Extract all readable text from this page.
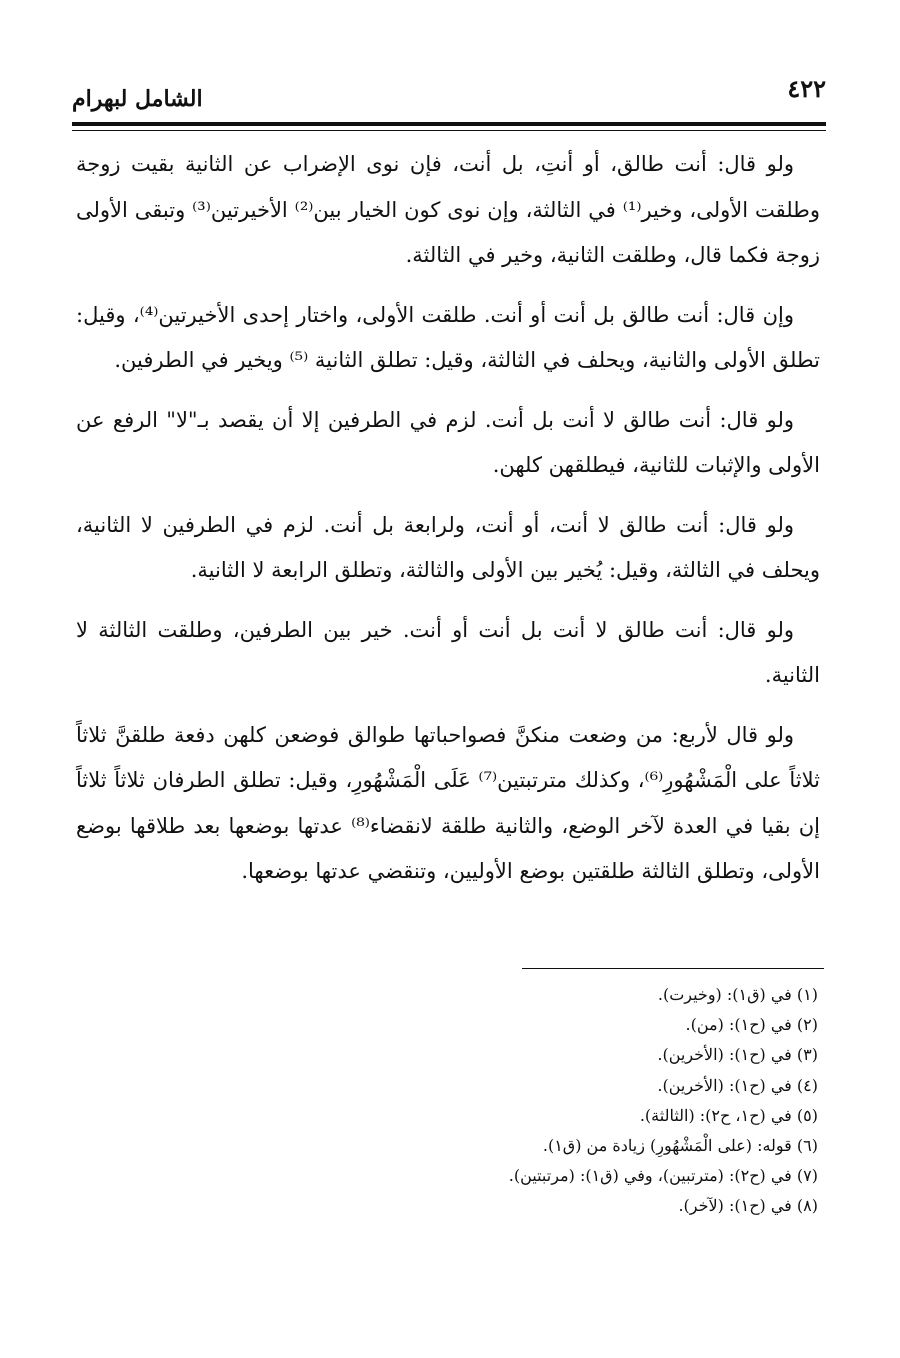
٤٢٢
الشامل لبهرام

ولو قال: أنت طالق، أو أنتِ، بل أنت، فإن نوى الإضراب عن الثانية بقيت زوجة وطلقت الأولى، وخير⁽¹⁾ في الثالثة، وإن نوى كون الخيار بين⁽²⁾ الأخيرتين⁽³⁾ وتبقى الأولى زوجة فكما قال، وطلقت الثانية، وخير في الثالثة.

وإن قال: أنت طالق بل أنت أو أنت. طلقت الأولى، واختار إحدى الأخيرتين⁽⁴⁾، وقيل: تطلق الأولى والثانية، ويحلف في الثالثة، وقيل: تطلق الثانية ⁽⁵⁾ ويخير في الطرفين.

ولو قال: أنت طالق لا أنت بل أنت. لزم في الطرفين إلا أن يقصد بـ"لا" الرفع عن الأولى والإثبات للثانية، فيطلقهن كلهن.

ولو قال: أنت طالق لا أنت، أو أنت، ولرابعة بل أنت. لزم في الطرفين لا الثانية، ويحلف في الثالثة، وقيل: يُخير بين الأولى والثالثة، وتطلق الرابعة لا الثانية.

ولو قال: أنت طالق لا أنت بل أنت أو أنت. خير بين الطرفين، وطلقت الثالثة لا الثانية.

ولو قال لأربع: من وضعت منكنَّ فصواحباتها طوالق فوضعن كلهن دفعة طلقنَّ ثلاثاً ثلاثاً على الْمَشْهُورِ⁽⁶⁾، وكذلك مترتبتين⁽⁷⁾ عَلَى الْمَشْهُورِ، وقيل: تطلق الطرفان ثلاثاً ثلاثاً إن بقيا في العدة لآخر الوضع، والثانية طلقة لانقضاء⁽⁸⁾ عدتها بوضعها بعد طلاقها بوضع الأولى، وتطلق الثالثة طلقتين بوضع الأوليين، وتنقضي عدتها بوضعها.

(١) في (ق١): (وخيرت).
(٢) في (ح١): (من).
(٣) في (ح١): (الأخرين).
(٤) في (ح١): (الأخرين).
(٥) في (ح١، ح٢): (الثالثة).
(٦) قوله: (على الْمَشْهُورِ) زيادة من (ق١).
(٧) في (ح٢): (مترتبين)، وفي (ق١): (مرتبتين).
(٨) في (ح١): (لآخر).
